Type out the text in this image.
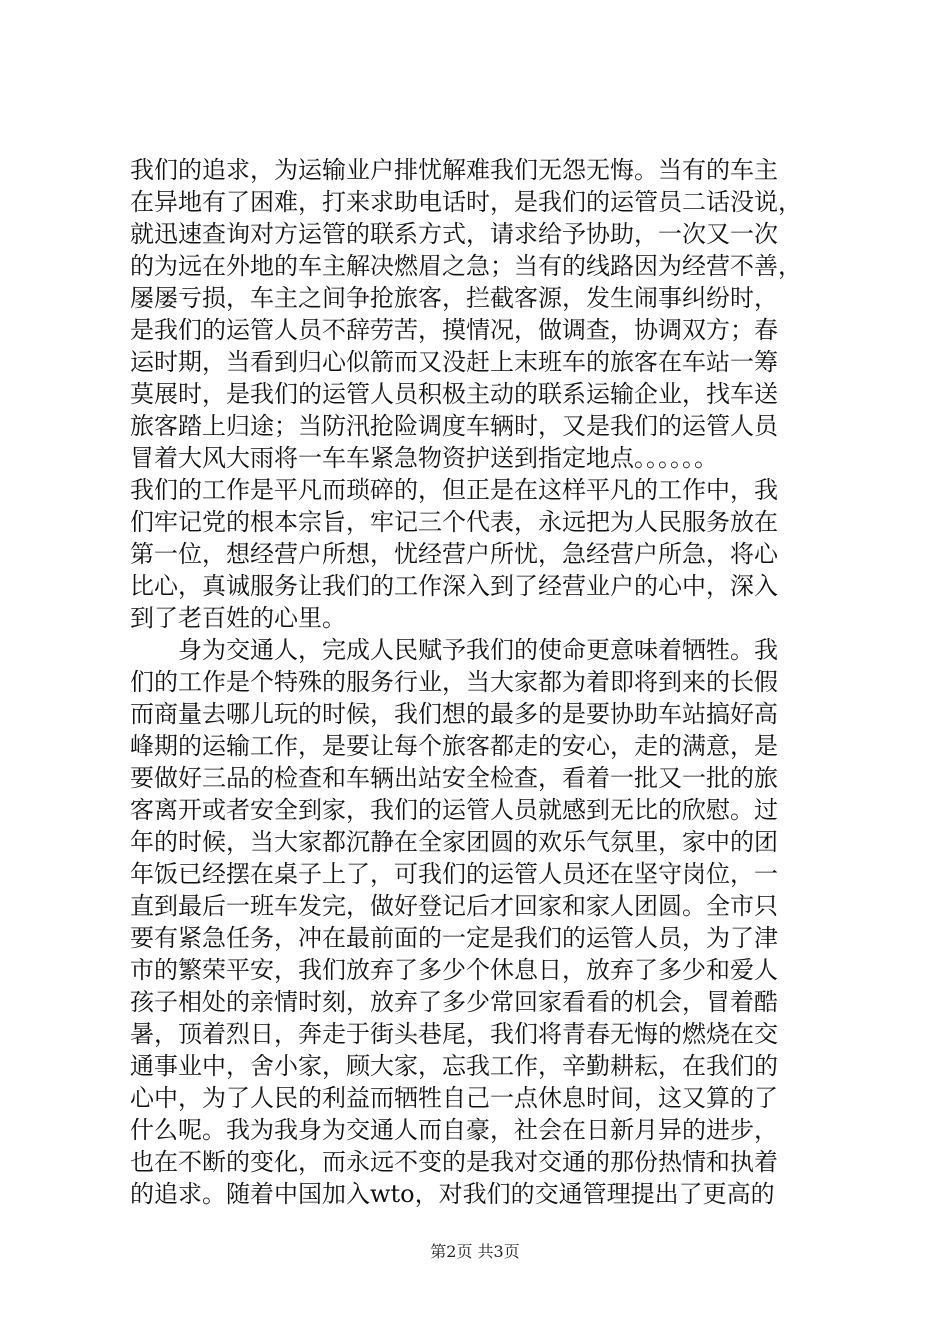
我们的追求，为运输业户排忧解难我们无怨无悔。当有的车主
在异地有了困难，打来求助电话时，是我们的运管员二话没说，
就迅速查询对方运管的联系方式，请求给予协助，一次又一次
的为远在外地的车主解决燃眉之急；当有的线路因为经营不善，
屡屡亏损，车主之间争抢旅客，拦截客源，发生闹事纠纷时，
是我们的运管人员不辞劳苦，摸情况，做调查，协调双方；春
运时期，当看到归心似箭而又没赶上末班车的旅客在车站一筹
莫展时，是我们的运管人员积极主动的联系运输企业，找车送
旅客踏上归途；当防汛抢险调度车辆时，又是我们的运管人员
冒着大风大雨将一车车紧急物资护送到指定地点。。。。。。
我们的工作是平凡而琐碎的，但正是在这样平凡的工作中，我
们牢记党的根本宗旨，牢记三个代表，永远把为人民服务放在
第一位，想经营户所想，忧经营户所忧，急经营户所急，将心
比心，真诚服务让我们的工作深入到了经营业户的心中，深入
到了老百姓的心里。
　　身为交通人，完成人民赋予我们的使命更意味着牺牲。我
们的工作是个特殊的服务行业，当大家都为着即将到来的长假
而商量去哪儿玩的时候，我们想的最多的是要协助车站搞好高
峰期的运输工作，是要让每个旅客都走的安心，走的满意，是
要做好三品的检查和车辆出站安全检查，看着一批又一批的旅
客离开或者安全到家，我们的运管人员就感到无比的欣慰。过
年的时候，当大家都沉静在全家团圆的欢乐气氛里，家中的团
年饭已经摆在桌子上了，可我们的运管人员还在坚守岗位，一
直到最后一班车发完，做好登记后才回家和家人团圆。全市只
要有紧急任务，冲在最前面的一定是我们的运管人员，为了津
市的繁荣平安，我们放弃了多少个休息日，放弃了多少和爱人
孩子相处的亲情时刻，放弃了多少常回家看看的机会，冒着酷
暑，顶着烈日，奔走于街头巷尾，我们将青春无悔的燃烧在交
通事业中，舍小家，顾大家，忘我工作，辛勤耕耘，在我们的
心中，为了人民的利益而牺牲自己一点休息时间，这又算的了
什么呢。我为我身为交通人而自豪，社会在日新月异的进步，
也在不断的变化，而永远不变的是我对交通的那份热情和执着
的追求。随着中国加入wto，对我们的交通管理提出了更高的
第2页 共3页
